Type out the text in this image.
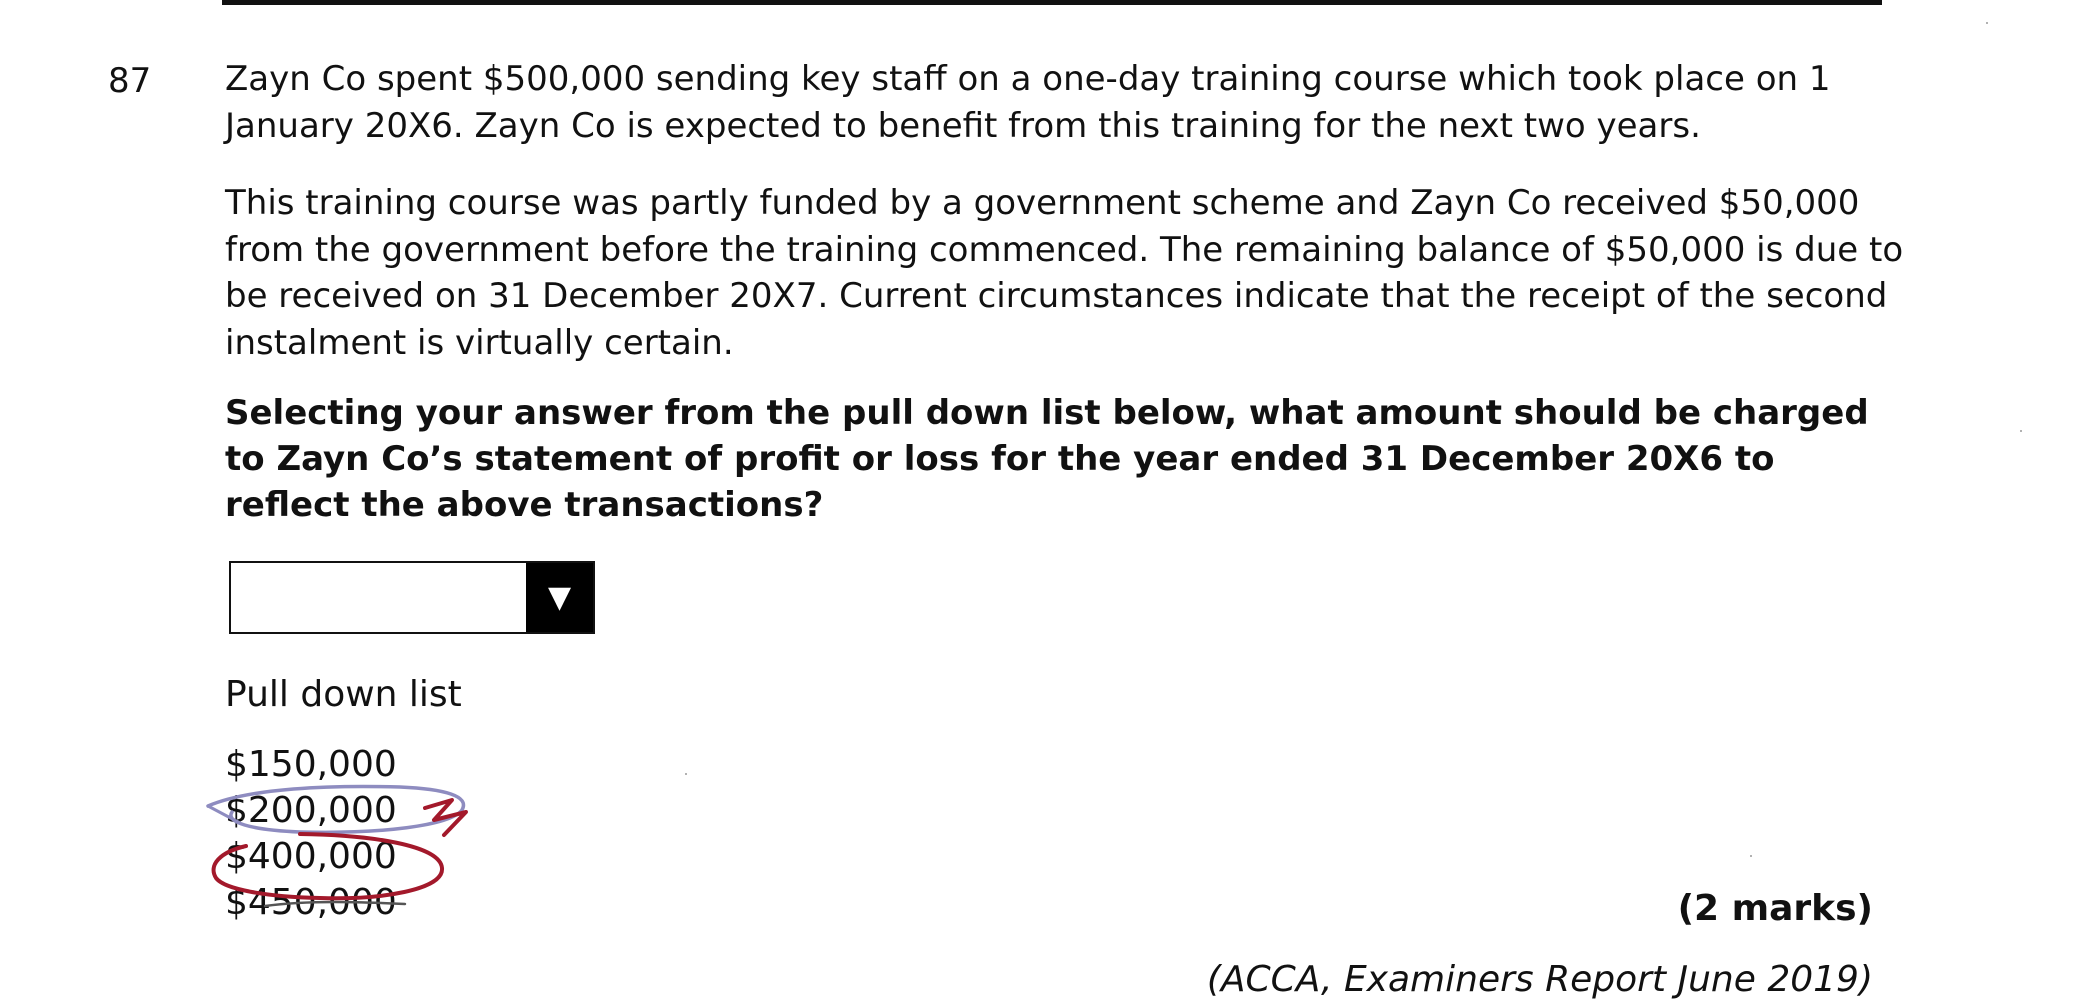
87 Zayn Co spent $500,000 sending key staff on a one-day training course which took place on 1 January 20X6. Zayn Co is expected to benefit from this training for the next two years.

This training course was partly funded by a government scheme and Zayn Co received $50,000 from the government before the training commenced. The remaining balance of $50,000 is due to be received on 31 December 20X7. Current circumstances indicate that the receipt of the second instalment is virtually certain.

Selecting your answer from the pull down list below, what amount should be charged to Zayn Co’s statement of profit or loss for the year ended 31 December 20X6 to reflect the above transactions?

▼
Pull down list
$150,000
$200,000
$400,000
$450,000	(2 marks)
(ACCA, Examiners Report June 2019)
